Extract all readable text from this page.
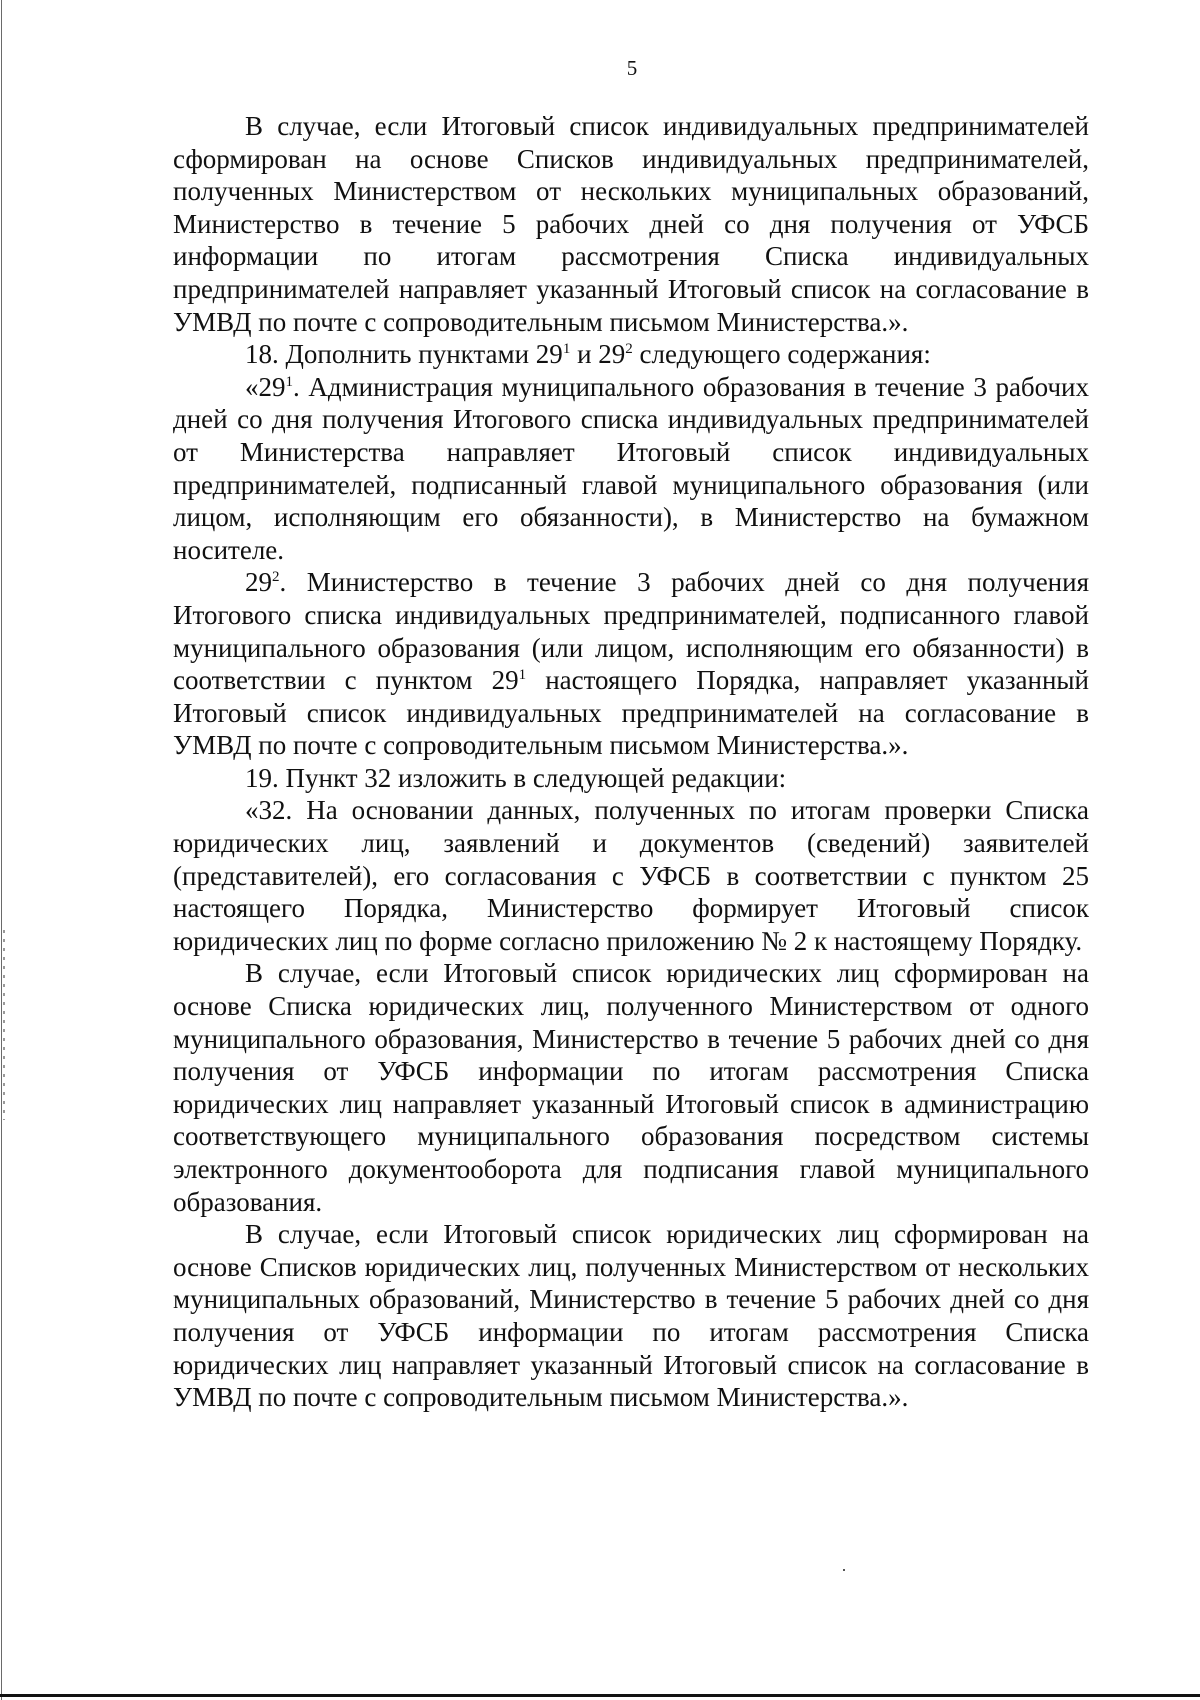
5

В случае, если Итоговый список индивидуальных предпринимателей сформирован на основе Списков индивидуальных предпринимателей, полученных Министерством от нескольких муниципальных образований, Министерство в течение 5 рабочих дней со дня получения от УФСБ информации по итогам рассмотрения Списка индивидуальных предпринимателей направляет указанный Итоговый список на согласование в УМВД по почте с сопроводительным письмом Министерства.».

18. Дополнить пунктами $29^1$ и $29^2$ следующего содержания:

«$29^1$. Администрация муниципального образования в течение 3 рабочих дней со дня получения Итогового списка индивидуальных предпринимателей от Министерства направляет Итоговый список индивидуальных предпринимателей, подписанный главой муниципального образования (или лицом, исполняющим его обязанности), в Министерство на бумажном носителе.

$29^2$. Министерство в течение 3 рабочих дней со дня получения Итогового списка индивидуальных предпринимателей, подписанного главой муниципального образования (или лицом, исполняющим его обязанности) в соответствии с пунктом $29^1$ настоящего Порядка, направляет указанный Итоговый список индивидуальных предпринимателей на согласование в УМВД по почте с сопроводительным письмом Министерства.».

19. Пункт 32 изложить в следующей редакции:

«32. На основании данных, полученных по итогам проверки Списка юридических лиц, заявлений и документов (сведений) заявителей (представителей), его согласования с УФСБ в соответствии с пунктом 25 настоящего Порядка, Министерство формирует Итоговый список юридических лиц по форме согласно приложению № 2 к настоящему Порядку.

В случае, если Итоговый список юридических лиц сформирован на основе Списка юридических лиц, полученного Министерством от одного муниципального образования, Министерство в течение 5 рабочих дней со дня получения от УФСБ информации по итогам рассмотрения Списка юридических лиц направляет указанный Итоговый список в администрацию соответствующего муниципального образования посредством системы электронного документооборота для подписания главой муниципального образования.

В случае, если Итоговый список юридических лиц сформирован на основе Списков юридических лиц, полученных Министерством от нескольких муниципальных образований, Министерство в течение 5 рабочих дней со дня получения от УФСБ информации по итогам рассмотрения Списка юридических лиц направляет указанный Итоговый список на согласование в УМВД по почте с сопроводительным письмом Министерства.».
